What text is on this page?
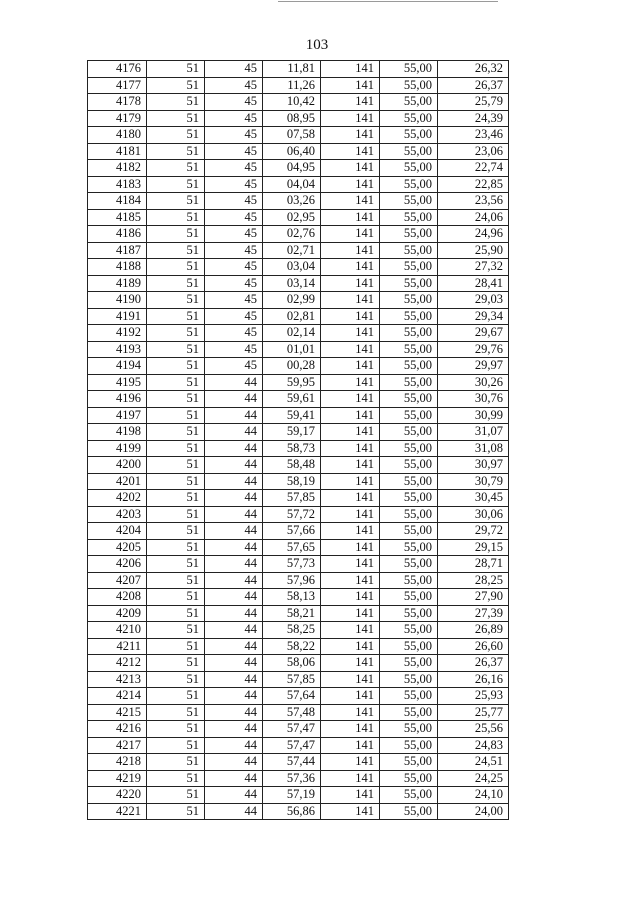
103
4176	51	45	11,81	141	55,00	26,32
4177	51	45	11,26	141	55,00	26,37
4178	51	45	10,42	141	55,00	25,79
4179	51	45	08,95	141	55,00	24,39
4180	51	45	07,58	141	55,00	23,46
4181	51	45	06,40	141	55,00	23,06
4182	51	45	04,95	141	55,00	22,74
4183	51	45	04,04	141	55,00	22,85
4184	51	45	03,26	141	55,00	23,56
4185	51	45	02,95	141	55,00	24,06
4186	51	45	02,76	141	55,00	24,96
4187	51	45	02,71	141	55,00	25,90
4188	51	45	03,04	141	55,00	27,32
4189	51	45	03,14	141	55,00	28,41
4190	51	45	02,99	141	55,00	29,03
4191	51	45	02,81	141	55,00	29,34
4192	51	45	02,14	141	55,00	29,67
4193	51	45	01,01	141	55,00	29,76
4194	51	45	00,28	141	55,00	29,97
4195	51	44	59,95	141	55,00	30,26
4196	51	44	59,61	141	55,00	30,76
4197	51	44	59,41	141	55,00	30,99
4198	51	44	59,17	141	55,00	31,07
4199	51	44	58,73	141	55,00	31,08
4200	51	44	58,48	141	55,00	30,97
4201	51	44	58,19	141	55,00	30,79
4202	51	44	57,85	141	55,00	30,45
4203	51	44	57,72	141	55,00	30,06
4204	51	44	57,66	141	55,00	29,72
4205	51	44	57,65	141	55,00	29,15
4206	51	44	57,73	141	55,00	28,71
4207	51	44	57,96	141	55,00	28,25
4208	51	44	58,13	141	55,00	27,90
4209	51	44	58,21	141	55,00	27,39
4210	51	44	58,25	141	55,00	26,89
4211	51	44	58,22	141	55,00	26,60
4212	51	44	58,06	141	55,00	26,37
4213	51	44	57,85	141	55,00	26,16
4214	51	44	57,64	141	55,00	25,93
4215	51	44	57,48	141	55,00	25,77
4216	51	44	57,47	141	55,00	25,56
4217	51	44	57,47	141	55,00	24,83
4218	51	44	57,44	141	55,00	24,51
4219	51	44	57,36	141	55,00	24,25
4220	51	44	57,19	141	55,00	24,10
4221	51	44	56,86	141	55,00	24,00
